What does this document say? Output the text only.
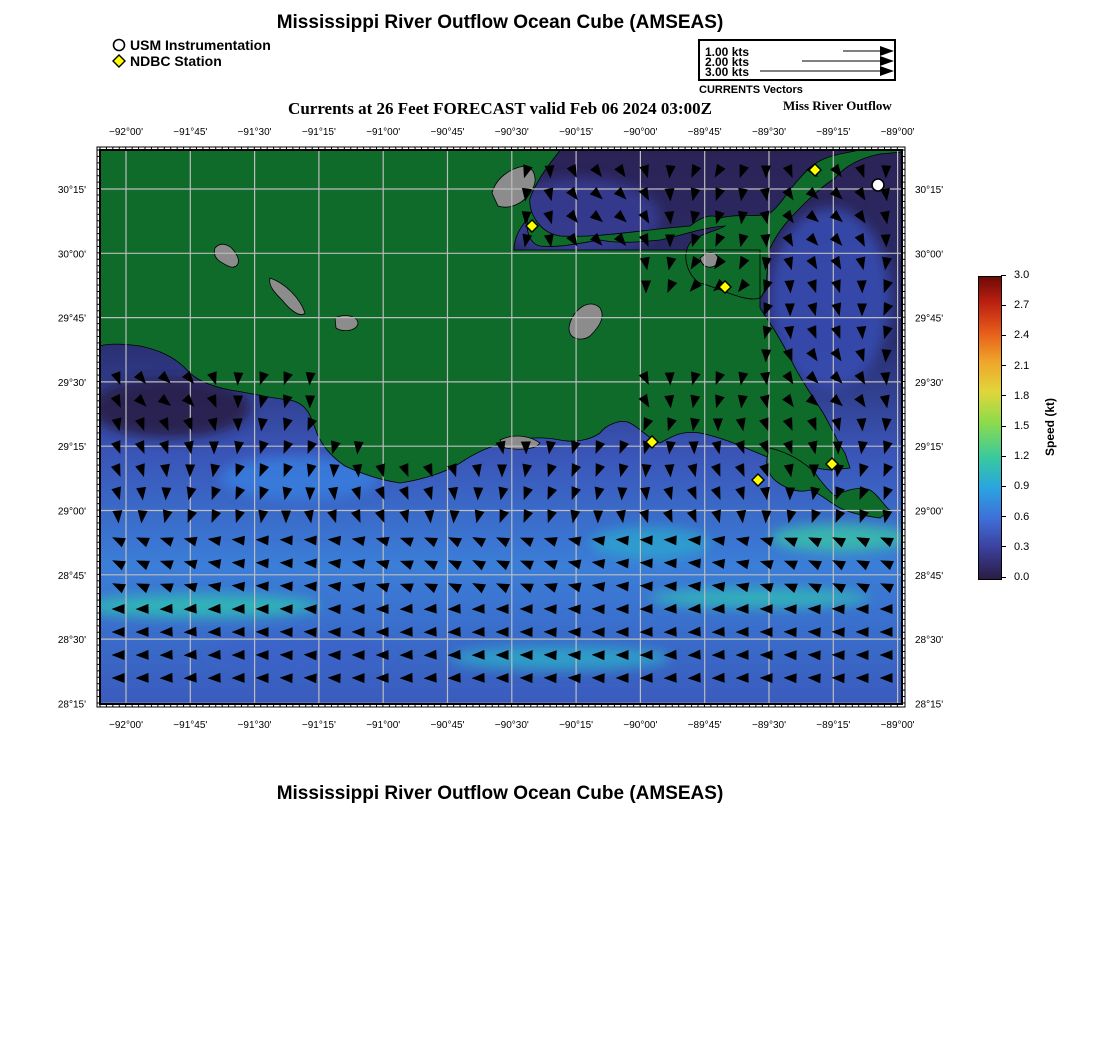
Mississippi River Outflow Ocean Cube (AMSEAS)
USM Instrumentation
NDBC Station
1.00 kts
2.00 kts
3.00 kts
CURRENTS Vectors
Currents at 26 Feet FORECAST valid Feb 06 2024 03:00Z	Miss River Outflow
−92°00'
−92°00'
−91°45'
−91°45'
−91°30'
−91°30'
−91°15'
−91°15'
−91°00'
−91°00'
−90°45'
−90°45'
−90°30'
−90°30'
−90°15'
−90°15'
−90°00'
−90°00'
−89°45'
−89°45'
−89°30'
−89°30'
−89°15'
−89°15'
−89°00'
−89°00'
30°15'	30°15'
30°00'	30°00'
29°45'	29°45'
29°30'	29°30'
29°15'	29°15'
29°00'	29°00'
28°45'	28°45'
28°30'	28°30'
28°15'	28°15'
3.0
2.7
2.4
2.1
1.8
1.5
1.2
0.9
0.6
0.3
0.0
Speed (kt)
Mississippi River Outflow Ocean Cube (AMSEAS)
